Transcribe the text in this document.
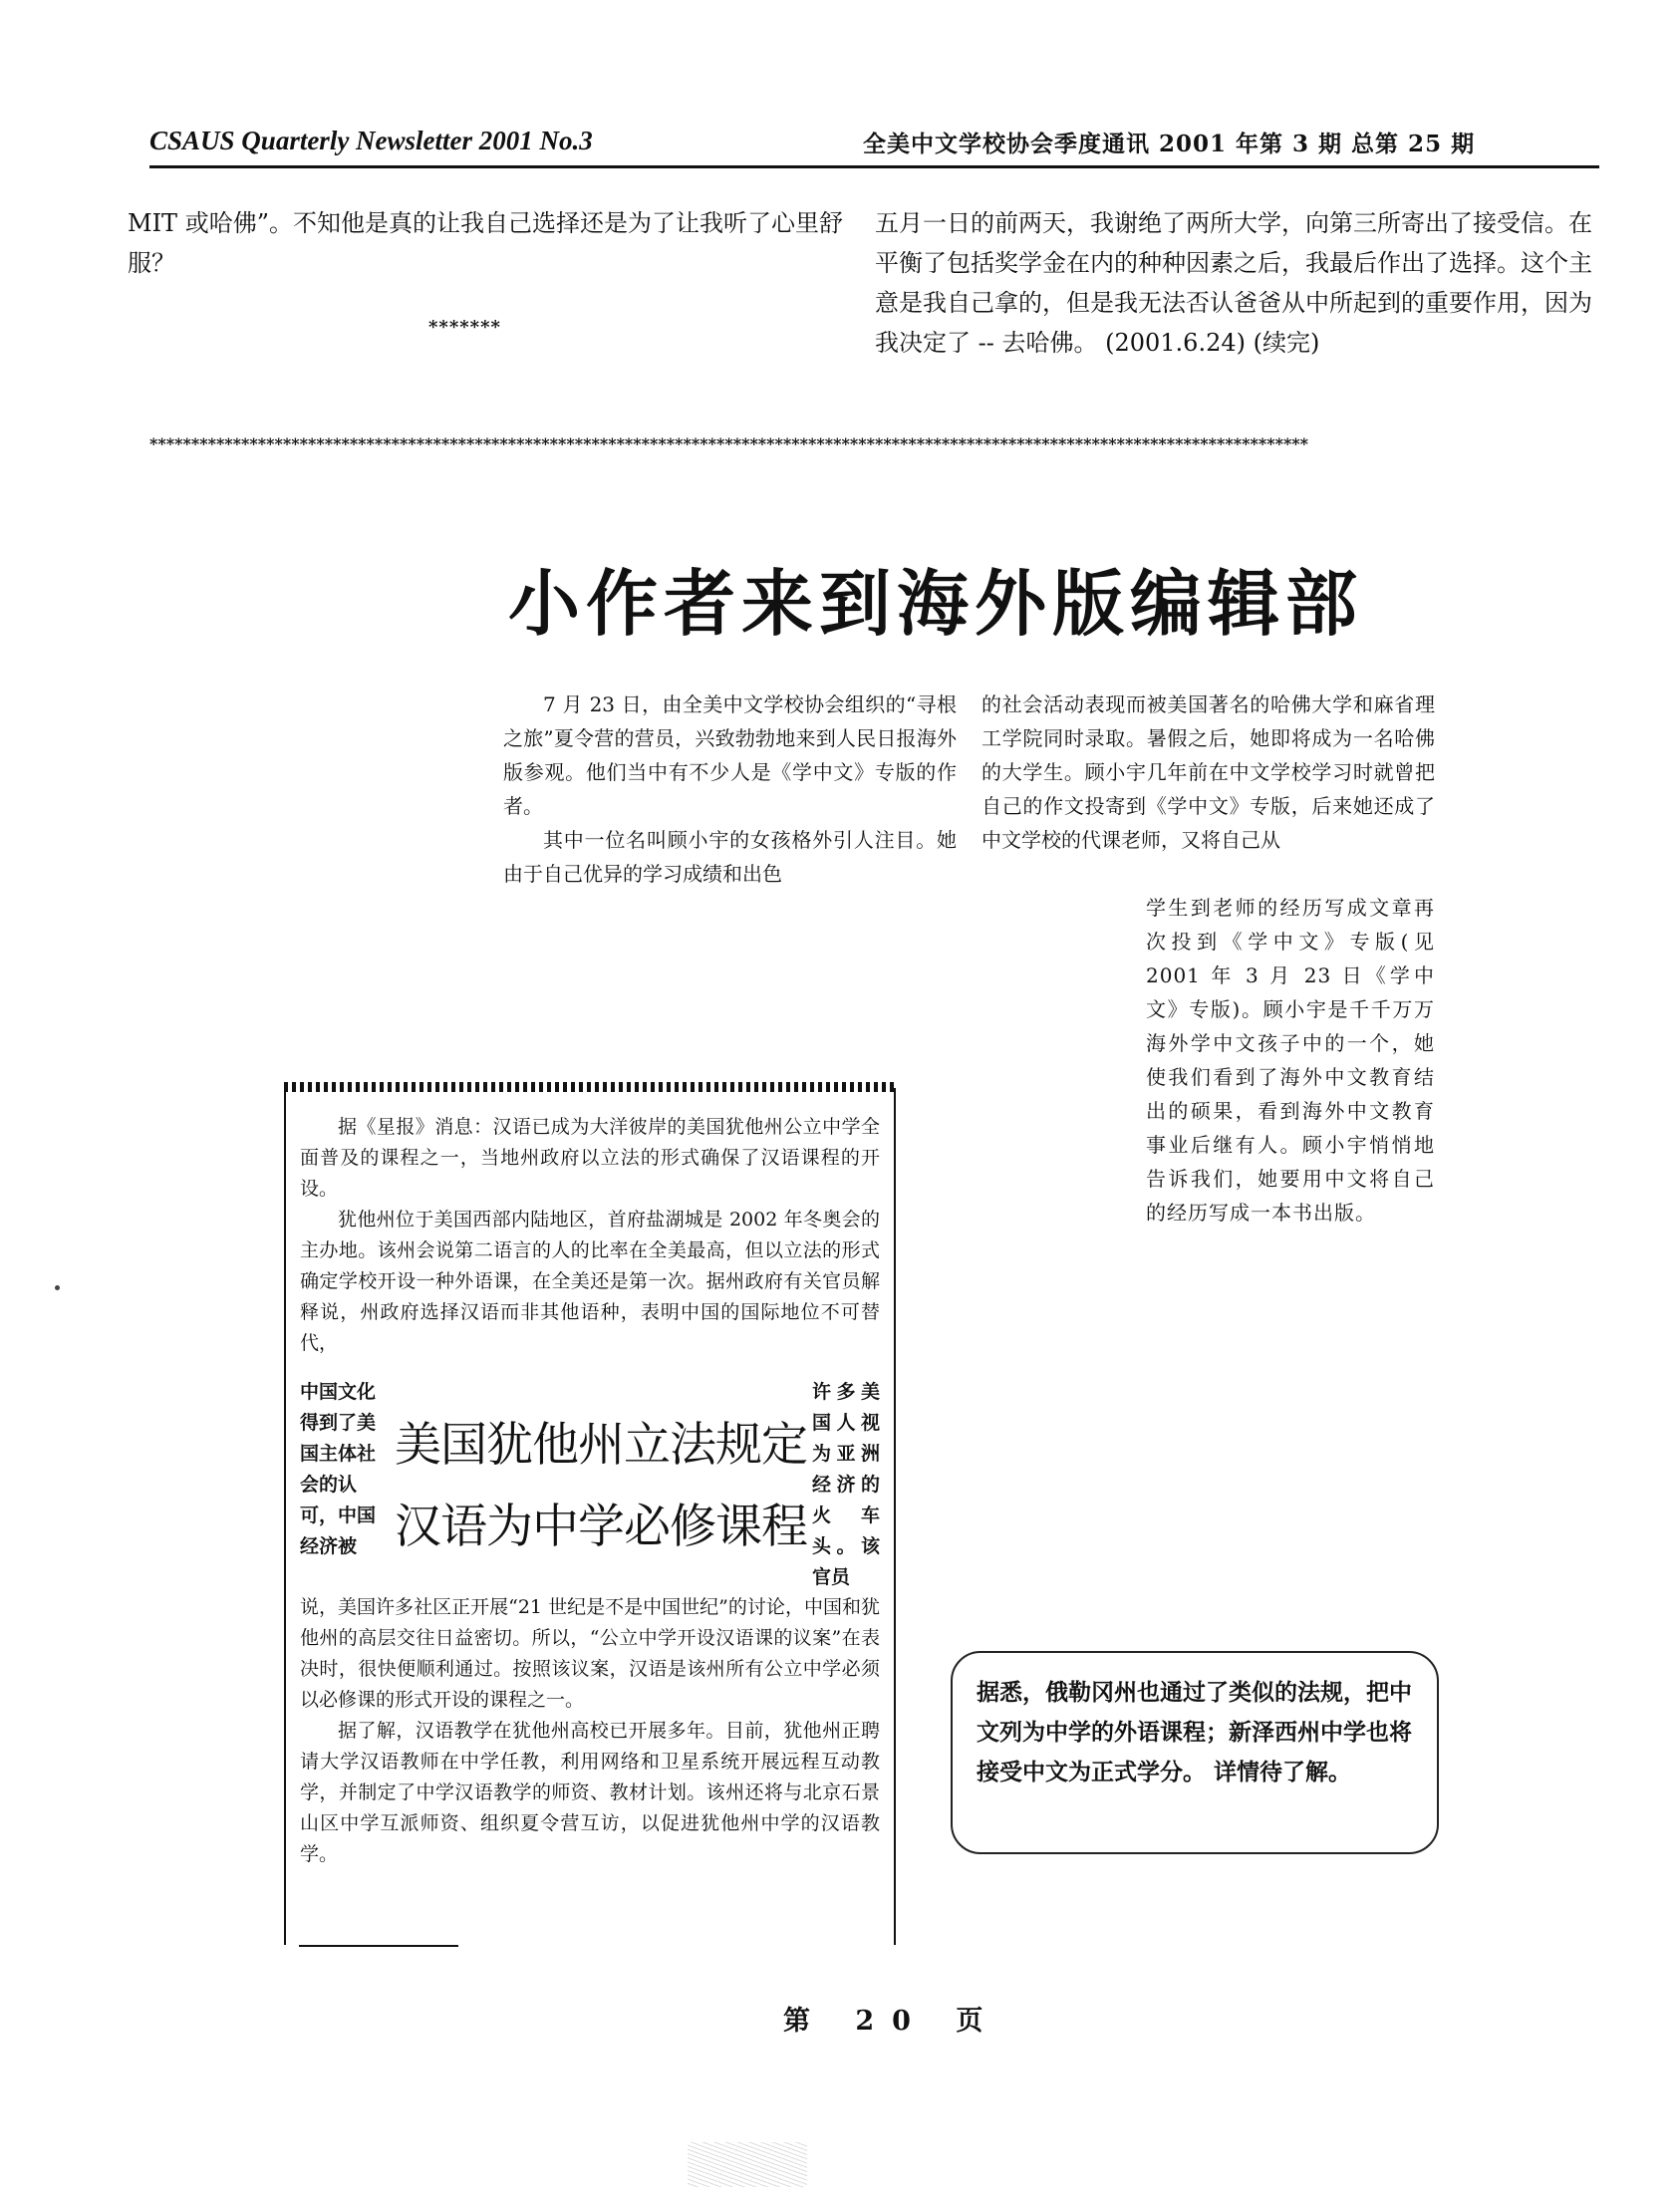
CSAUS Quarterly Newsletter 2001 No.3	全美中文学校协会季度通讯 2001 年第 3 期 总第 25 期
MIT 或哈佛”。不知他是真的让我自己选择还是为了让我听了心里舒服？
*******
五月一日的前两天，我谢绝了两所大学，向第三所寄出了接受信。在平衡了包括奖学金在内的种种因素之后，我最后作出了选择。这个主意是我自己拿的，但是我无法否认爸爸从中所起到的重要作用，因为我决定了 -- 去哈佛。 (2001.6.24) (续完)
*******************************************************************************************************************************************
小作者来到海外版编辑部

7 月 23 日，由全美中文学校协会组织的“寻根之旅”夏令营的营员，兴致勃勃地来到人民日报海外版参观。他们当中有不少人是《学中文》专版的作者。

其中一位名叫顾小宇的女孩格外引人注目。她由于自己优异的学习成绩和出色

的社会活动表现而被美国著名的哈佛大学和麻省理工学院同时录取。暑假之后，她即将成为一名哈佛的大学生。顾小宇几年前在中文学校学习时就曾把自己的作文投寄到《学中文》专版，后来她还成了中文学校的代课老师，又将自己从
学生到老师的经历写成文章再次投到《学中文》专版(见 2001 年 3 月 23 日《学中文》专版)。顾小宇是千千万万海外学中文孩子中的一个，她使我们看到了海外中文教育结出的硕果，看到海外中文教育事业后继有人。顾小宇悄悄地告诉我们，她要用中文将自己的经历写成一本书出版。

据《星报》消息：汉语已成为大洋彼岸的美国犹他州公立中学全面普及的课程之一，当地州政府以立法的形式确保了汉语课程的开设。

犹他州位于美国西部内陆地区，首府盐湖城是 2002 年冬奥会的主办地。该州会说第二语言的人的比率在全美最高，但以立法的形式确定学校开设一种外语课，在全美还是第一次。据州政府有关官员解释说，州政府选择汉语而非其他语种，表明中国的国际地位不可替代，

中国文化得到了美国主体社会的认可，中国经济被
美国犹他州立法规定
汉语为中学必修课程
许多美国人视为亚洲经济的火车头。该官员

说，美国许多社区正开展“21 世纪是不是中国世纪”的讨论，中国和犹他州的高层交往日益密切。所以，“公立中学开设汉语课的议案”在表决时，很快便顺利通过。按照该议案，汉语是该州所有公立中学必须以必修课的形式开设的课程之一。

据了解，汉语教学在犹他州高校已开展多年。目前，犹他州正聘请大学汉语教师在中学任教，利用网络和卫星系统开展远程互动教学，并制定了中学汉语教学的师资、教材计划。该州还将与北京石景山区中学互派师资、组织夏令营互访，以促进犹他州中学的汉语教学。

据悉，俄勒冈州也通过了类似的法规，把中文列为中学的外语课程；新泽西州中学也将接受中文为正式学分。 详情待了解。
第 20 页
